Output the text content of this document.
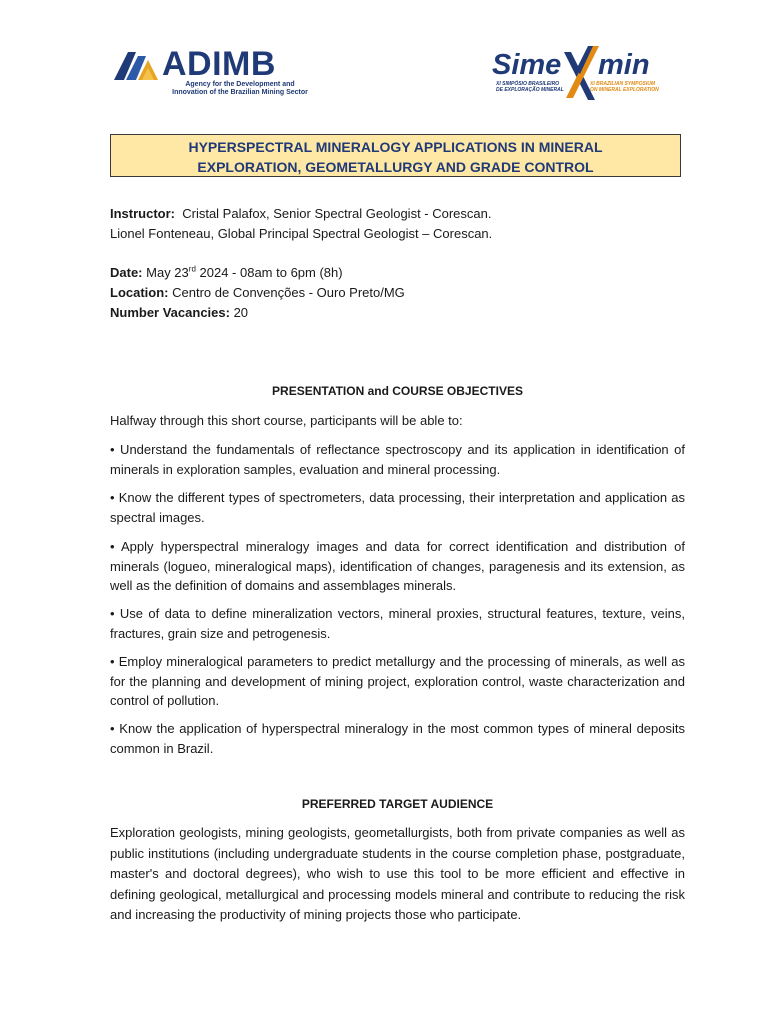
ADIMB
Agency for the Development and
Innovation of the Brazilian Mining Sector
Sime min
XI SIMPÓSIO BRASILEIRO
DE EXPLORAÇÃO MINERAL
XI BRAZILIAN SYMPOSIUM
ON MINERAL EXPLORATION
HYPERSPECTRAL MINERALOGY APPLICATIONS IN MINERAL
EXPLORATION, GEOMETALLURGY AND GRADE CONTROL
Instructor: Cristal Palafox, Senior Spectral Geologist - Corescan.
Lionel Fonteneau, Global Principal Spectral Geologist – Corescan.
Date: May 23rd 2024 - 08am to 6pm (8h)
Location: Centro de Convenções - Ouro Preto/MG
Number Vacancies: 20
PRESENTATION and COURSE OBJECTIVES
Halfway through this short course, participants will be able to:
• Understand the fundamentals of reflectance spectroscopy and its application in identification of minerals in exploration samples, evaluation and mineral processing.
• Know the different types of spectrometers, data processing, their interpretation and application as spectral images.
• Apply hyperspectral mineralogy images and data for correct identification and distribution of minerals (logueo, mineralogical maps), identification of changes, paragenesis and its extension, as well as the definition of domains and assemblages minerals.
• Use of data to define mineralization vectors, mineral proxies, structural features, texture, veins, fractures, grain size and petrogenesis.
• Employ mineralogical parameters to predict metallurgy and the processing of minerals, as well as for the planning and development of mining project, exploration control, waste characterization and control of pollution.
• Know the application of hyperspectral mineralogy in the most common types of mineral deposits common in Brazil.
PREFERRED TARGET AUDIENCE
Exploration geologists, mining geologists, geometallurgists, both from private companies as well as public institutions (including undergraduate students in the course completion phase, postgraduate, master's and doctoral degrees), who wish to use this tool to be more efficient and effective in defining geological, metallurgical and processing models mineral and contribute to reducing the risk and increasing the productivity of mining projects those who participate.
